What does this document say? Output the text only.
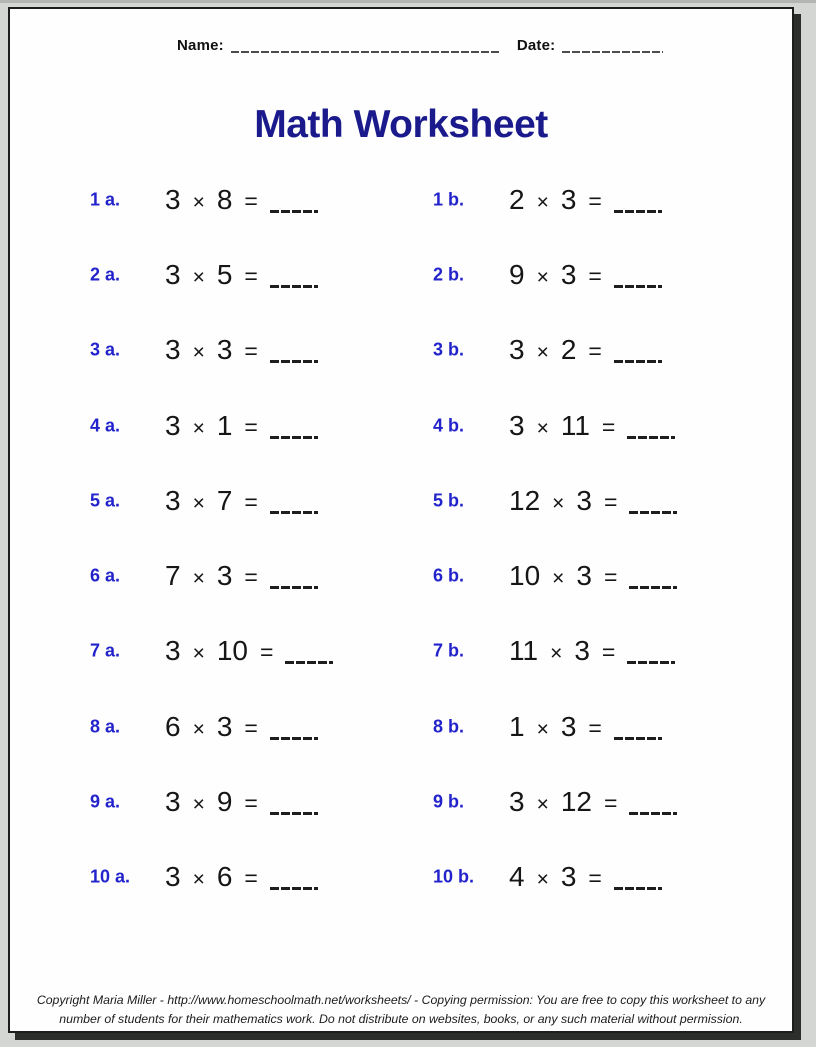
Name:	Date:
Math Worksheet
1 a. 3 × 8 =	1 b. 2 × 3 =
2 a. 3 × 5 =	2 b. 9 × 3 =
3 a. 3 × 3 =	3 b. 3 × 2 =
4 a. 3 × 1 =	4 b. 3 × 11 =
5 a. 3 × 7 =	5 b. 12 × 3 =
6 a. 7 × 3 =	6 b. 10 × 3 =
7 a. 3 × 10 =	7 b. 11 × 3 =
8 a. 6 × 3 =	8 b. 1 × 3 =
9 a. 3 × 9 =	9 b. 3 × 12 =
10 a. 3 × 6 =	10 b. 4 × 3 =
Copyright Maria Miller - http://www.homeschoolmath.net/worksheets/ - Copying permission: You are free to copy this worksheet to any
number of students for their mathematics work. Do not distribute on websites, books, or any such material without permission.
